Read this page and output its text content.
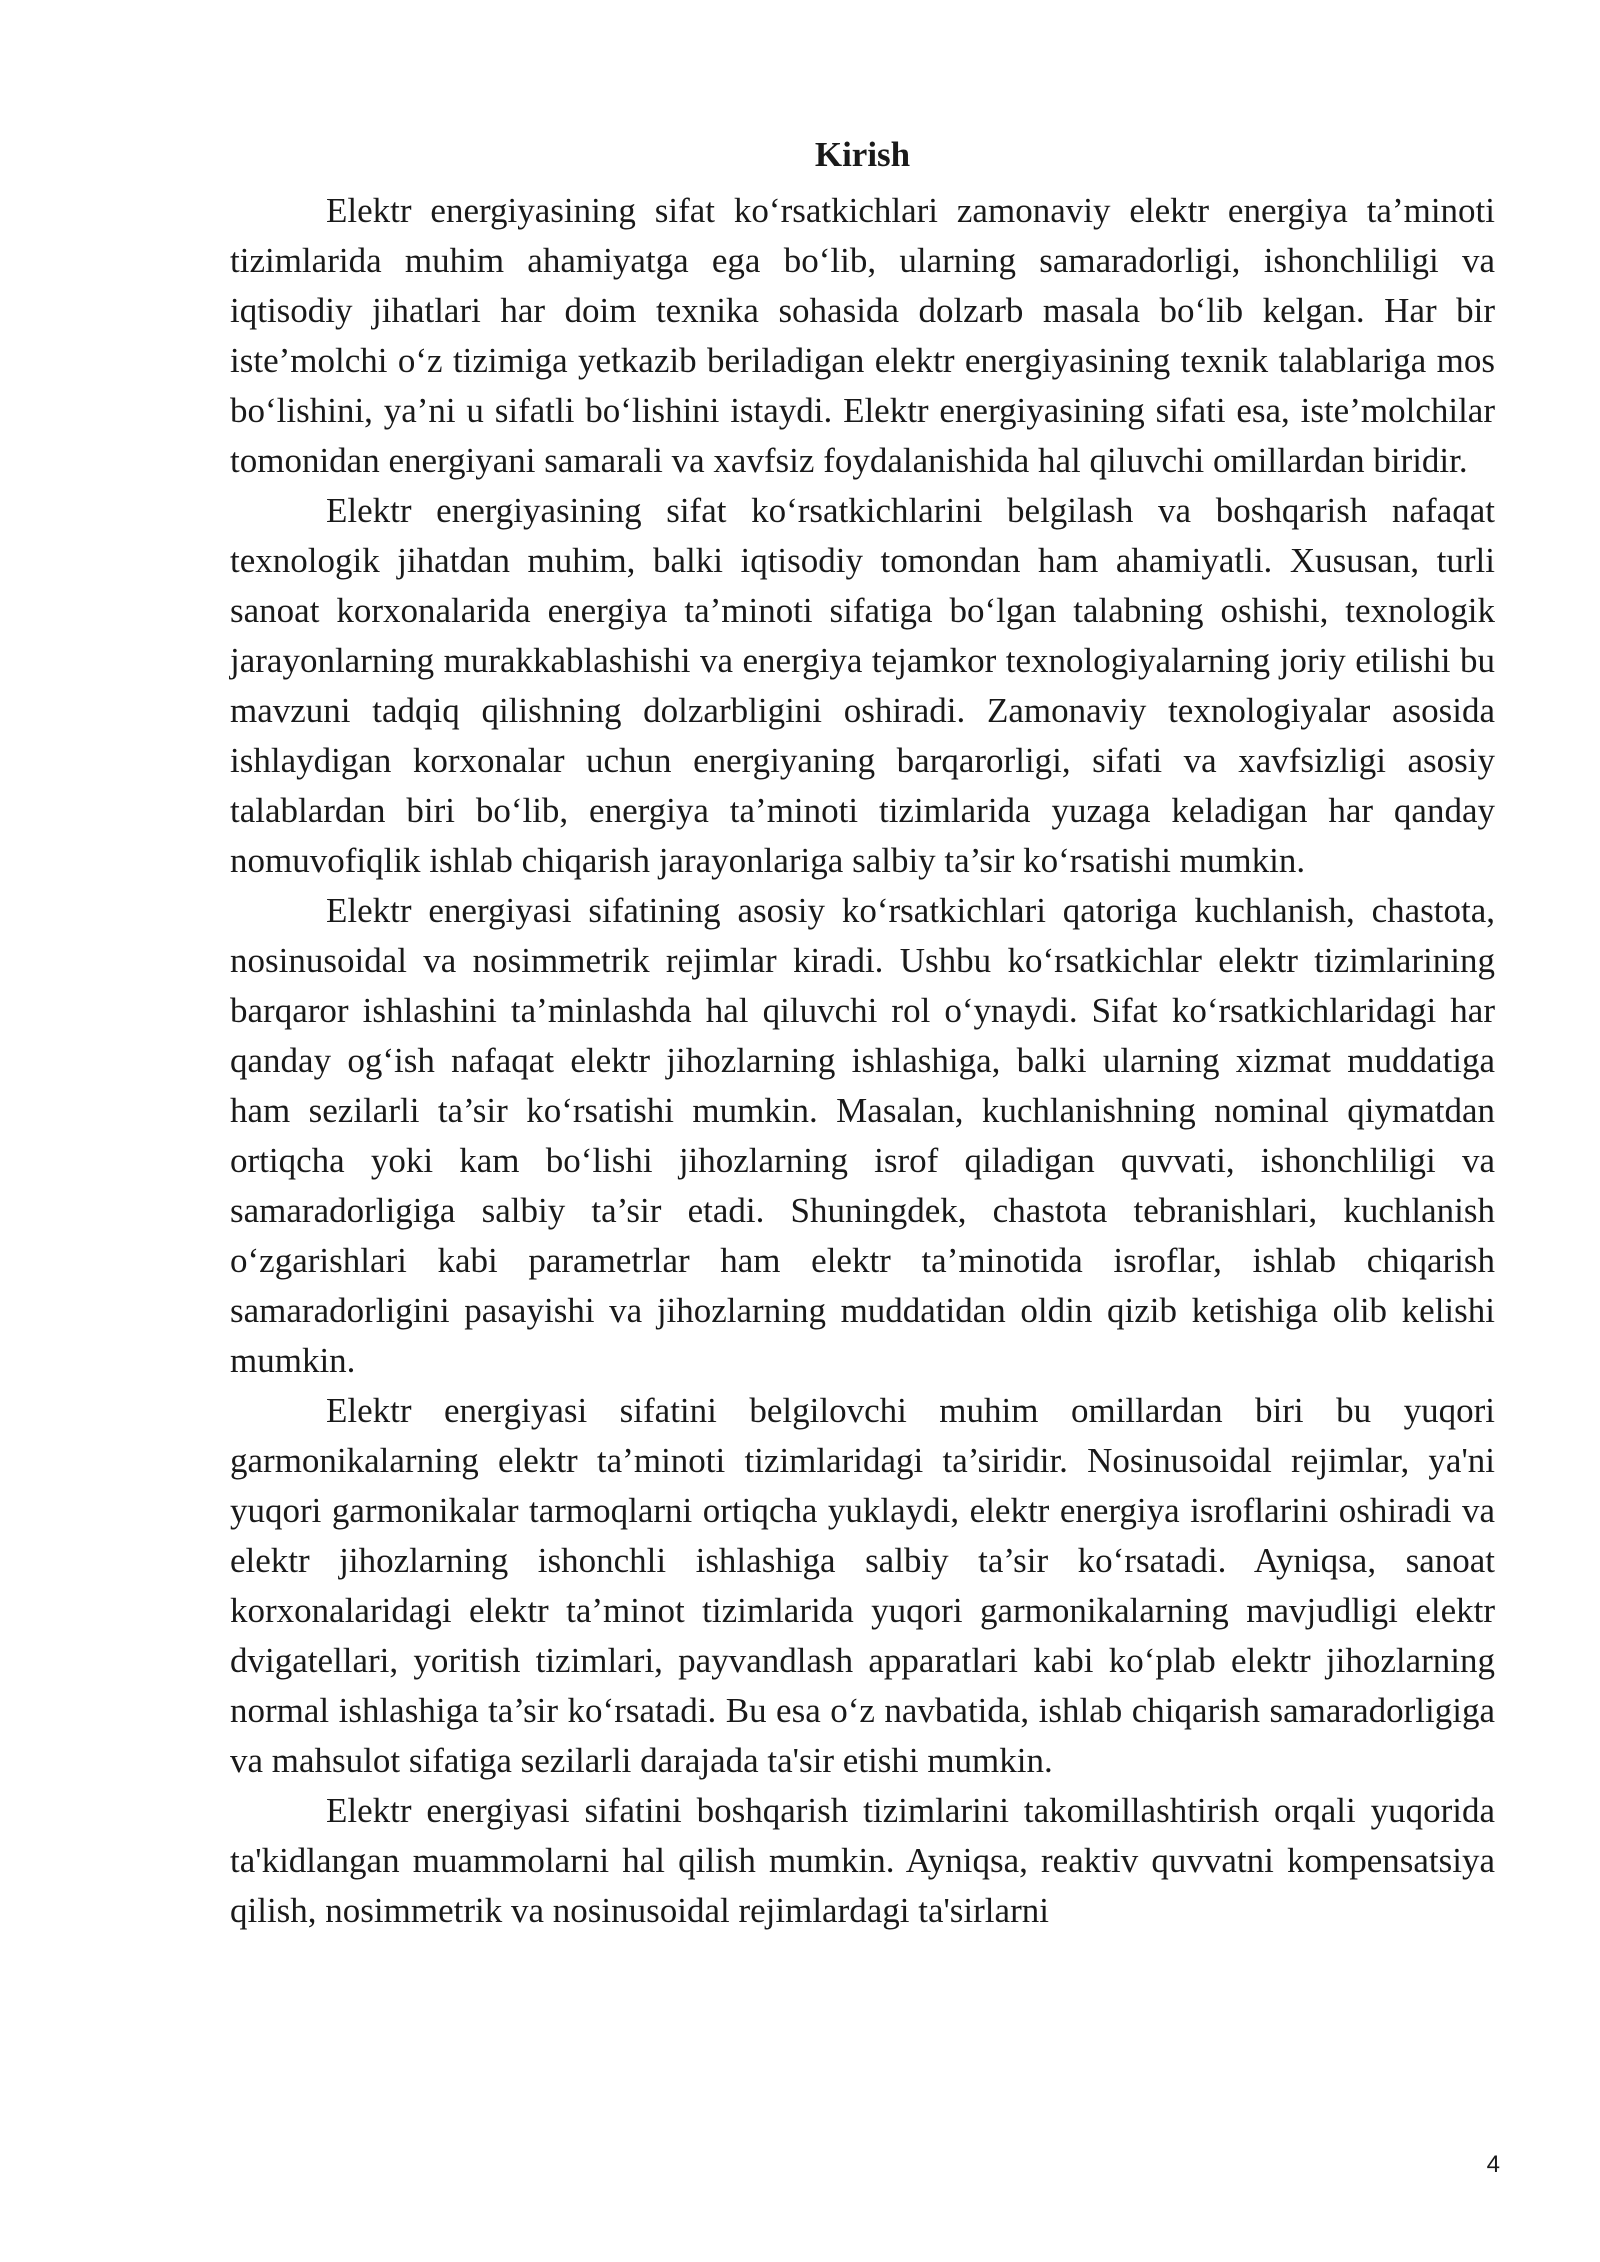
Kirish

Elektr energiyasining sifat ko‘rsatkichlari zamonaviy elektr energiya ta’minoti tizimlarida muhim ahamiyatga ega bo‘lib, ularning samaradorligi, ishonchliligi va iqtisodiy jihatlari har doim texnika sohasida dolzarb masala bo‘lib kelgan. Har bir iste’molchi o‘z tizimiga yetkazib beriladigan elektr energiyasining texnik talablariga mos bo‘lishini, ya’ni u sifatli bo‘lishini istaydi. Elektr energiyasining sifati esa, iste’molchilar tomonidan energiyani samarali va xavfsiz foydalanishida hal qiluvchi omillardan biridir.

Elektr energiyasining sifat ko‘rsatkichlarini belgilash va boshqarish nafaqat texnologik jihatdan muhim, balki iqtisodiy tomondan ham ahamiyatli. Xususan, turli sanoat korxonalarida energiya ta’minoti sifatiga bo‘lgan talabning oshishi, texnologik jarayonlarning murakkablashishi va energiya tejamkor texnologiyalarning joriy etilishi bu mavzuni tadqiq qilishning dolzarbligini oshiradi. Zamonaviy texnologiyalar asosida ishlaydigan korxonalar uchun energiyaning barqarorligi, sifati va xavfsizligi asosiy talablardan biri bo‘lib, energiya ta’minoti tizimlarida yuzaga keladigan har qanday nomuvofiqlik ishlab chiqarish jarayonlariga salbiy ta’sir ko‘rsatishi mumkin.

Elektr energiyasi sifatining asosiy ko‘rsatkichlari qatoriga kuchlanish, chastota, nosinusoidal va nosimmetrik rejimlar kiradi. Ushbu ko‘rsatkichlar elektr tizimlarining barqaror ishlashini ta’minlashda hal qiluvchi rol o‘ynaydi. Sifat ko‘rsatkichlaridagi har qanday og‘ish nafaqat elektr jihozlarning ishlashiga, balki ularning xizmat muddatiga ham sezilarli ta’sir ko‘rsatishi mumkin. Masalan, kuchlanishning nominal qiymatdan ortiqcha yoki kam bo‘lishi jihozlarning isrof qiladigan quvvati, ishonchliligi va samaradorligiga salbiy ta’sir etadi. Shuningdek, chastota tebranishlari, kuchlanish o‘zgarishlari kabi parametrlar ham elektr ta’minotida isroflar, ishlab chiqarish samaradorligini pasayishi va jihozlarning muddatidan oldin qizib ketishiga olib kelishi mumkin.

Elektr energiyasi sifatini belgilovchi muhim omillardan biri bu yuqori garmonikalarning elektr ta’minoti tizimlaridagi ta’siridir. Nosinusoidal rejimlar, ya'ni yuqori garmonikalar tarmoqlarni ortiqcha yuklaydi, elektr energiya isroflarini oshiradi va elektr jihozlarning ishonchli ishlashiga salbiy ta’sir ko‘rsatadi. Ayniqsa, sanoat korxonalaridagi elektr ta’minot tizimlarida yuqori garmonikalarning mavjudligi elektr dvigatellari, yoritish tizimlari, payvandlash apparatlari kabi ko‘plab elektr jihozlarning normal ishlashiga ta’sir ko‘rsatadi. Bu esa o‘z navbatida, ishlab chiqarish samaradorligiga va mahsulot sifatiga sezilarli darajada ta'sir etishi mumkin.

Elektr energiyasi sifatini boshqarish tizimlarini takomillashtirish orqali yuqorida ta'kidlangan muammolarni hal qilish mumkin. Ayniqsa, reaktiv quvvatni kompensatsiya qilish, nosimmetrik va nosinusoidal rejimlardagi ta'sirlarni

4
